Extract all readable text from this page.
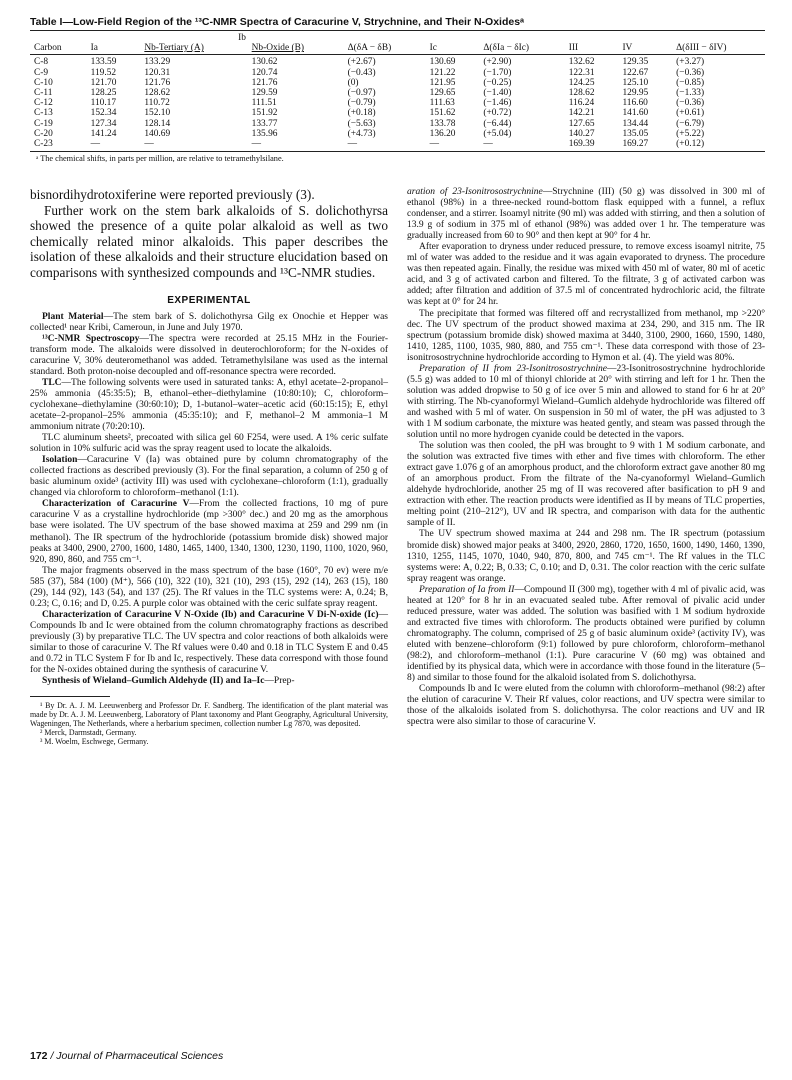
Table I—Low-Field Region of the ¹³C-NMR Spectra of Caracurine V, Strychnine, and Their N-Oxidesᵃ
		Ib							
Carbon	Ia	Nb-Tertiary (A)	Nb-Oxide (B)	Δ(δA − δB)	Ic	Δ(δIa − δIc)	III	IV	Δ(δIII − δIV)
C-8	133.59	133.29	130.62	(+2.67)	130.69	(+2.90)	132.62	129.35	(+3.27)
C-9	119.52	120.31	120.74	(−0.43)	121.22	(−1.70)	122.31	122.67	(−0.36)
C-10	121.70	121.76	121.76	(0)	121.95	(−0.25)	124.25	125.10	(−0.85)
C-11	128.25	128.62	129.59	(−0.97)	129.65	(−1.40)	128.62	129.95	(−1.33)
C-12	110.17	110.72	111.51	(−0.79)	111.63	(−1.46)	116.24	116.60	(−0.36)
C-13	152.34	152.10	151.92	(+0.18)	151.62	(+0.72)	142.21	141.60	(+0.61)
C-19	127.34	128.14	133.77	(−5.63)	133.78	(−6.44)	127.65	134.44	(−6.79)
C-20	141.24	140.69	135.96	(+4.73)	136.20	(+5.04)	140.27	135.05	(+5.22)
C-23	—	—	—	—	—	—	169.39	169.27	(+0.12)
ᵃ The chemical shifts, in parts per million, are relative to tetramethylsilane.

bisnordihydrotoxiferine were reported previously (3).

Further work on the stem bark alkaloids of S. dolichothyrsa showed the presence of a quite polar alkaloid as well as two chemically related minor alkaloids. This paper describes the isolation of these alkaloids and their structure elucidation based on comparisons with synthesized compounds and ¹³C-NMR studies.

EXPERIMENTAL

Plant Material—The stem bark of S. dolichothyrsa Gilg ex Onochie et Hepper was collected¹ near Kribi, Cameroun, in June and July 1970.

¹³C-NMR Spectroscopy—The spectra were recorded at 25.15 MHz in the Fourier-transform mode. The alkaloids were dissolved in deuterochloroform; for the N-oxides of caracurine V, 30% deuteromethanol was added. Tetramethylsilane was used as the internal standard. Both proton-noise decoupled and off-resonance spectra were recorded.

TLC—The following solvents were used in saturated tanks: A, ethyl acetate–2-propanol–25% ammonia (45:35:5); B, ethanol–ether–diethylamine (10:80:10); C, chloroform–cyclohexane–diethylamine (30:60:10); D, 1-butanol–water–acetic acid (60:15:15); E, ethyl acetate–2-propanol–25% ammonia (45:35:10); and F, methanol–2 M ammonia–1 M ammonium nitrate (70:20:10).

TLC aluminum sheets², precoated with silica gel 60 F254, were used. A 1% ceric sulfate solution in 10% sulfuric acid was the spray reagent used to locate the alkaloids.

Isolation—Caracurine V (Ia) was obtained pure by column chromatography of the collected fractions as described previously (3). For the final separation, a column of 250 g of basic aluminum oxide³ (activity III) was used with cyclohexane–chloroform (1:1), gradually changed via chloroform to chloroform–methanol (1:1).

Characterization of Caracurine V—From the collected fractions, 10 mg of pure caracurine V as a crystalline hydrochloride (mp >300° dec.) and 20 mg as the amorphous base were isolated. The UV spectrum of the base showed maxima at 259 and 299 nm (in methanol). The IR spectrum of the hydrochloride (potassium bromide disk) showed major peaks at 3400, 2900, 2700, 1600, 1480, 1465, 1400, 1340, 1300, 1230, 1190, 1100, 1020, 960, 920, 890, 860, and 755 cm⁻¹.

The major fragments observed in the mass spectrum of the base (160°, 70 ev) were m/e 585 (37), 584 (100) (M⁺), 566 (10), 322 (10), 321 (10), 293 (15), 292 (14), 263 (15), 180 (29), 144 (92), 143 (54), and 137 (25). The Rf values in the TLC systems were: A, 0.24; B, 0.23; C, 0.16; and D, 0.25. A purple color was obtained with the ceric sulfate spray reagent.

Characterization of Caracurine V N-Oxide (Ib) and Caracurine V Di-N-oxide (Ic)—Compounds Ib and Ic were obtained from the column chromatography fractions as described previously (3) by preparative TLC. The UV spectra and color reactions of both alkaloids were similar to those of caracurine V. The Rf values were 0.40 and 0.18 in TLC System E and 0.45 and 0.72 in TLC System F for Ib and Ic, respectively. These data correspond with those found for the N-oxides obtained during the synthesis of caracurine V.

Synthesis of Wieland–Gumlich Aldehyde (II) and Ia–Ic—Prep-

¹ By Dr. A. J. M. Leeuwenberg and Professor Dr. F. Sandberg. The identification of the plant material was made by Dr. A. J. M. Leeuwenberg, Laboratory of Plant taxonomy and Plant Geography, Agricultural University, Wageningen, The Netherlands, where a herbarium specimen, collection number Lg 7870, was deposited.

² Merck, Darmstadt, Germany.

³ M. Woelm, Eschwege, Germany.

aration of 23-Isonitrosostrychnine—Strychnine (III) (50 g) was dissolved in 300 ml of ethanol (98%) in a three-necked round-bottom flask equipped with a funnel, a reflux condenser, and a stirrer. Isoamyl nitrite (90 ml) was added with stirring, and then a solution of 13.9 g of sodium in 375 ml of ethanol (98%) was added over 1 hr. The temperature was gradually increased from 60 to 90° and then kept at 90° for 4 hr.

After evaporation to dryness under reduced pressure, to remove excess isoamyl nitrite, 75 ml of water was added to the residue and it was again evaporated to dryness. The procedure was then repeated again. Finally, the residue was mixed with 450 ml of water, 80 ml of acetic acid, and 3 g of activated carbon and filtered. To the filtrate, 3 g of activated carbon was added; after filtration and addition of 37.5 ml of concentrated hydrochloric acid, the filtrate was kept at 0° for 24 hr.

The precipitate that formed was filtered off and recrystallized from methanol, mp >220° dec. The UV spectrum of the product showed maxima at 234, 290, and 315 nm. The IR spectrum (potassium bromide disk) showed maxima at 3440, 3100, 2900, 1660, 1590, 1480, 1410, 1285, 1100, 1035, 980, 880, and 755 cm⁻¹. These data correspond with those of 23-isonitrosostrychnine hydrochloride according to Hymon et al. (4). The yield was 80%.

Preparation of II from 23-Isonitrosostrychnine—23-Isonitrosostrychnine hydrochloride (5.5 g) was added to 10 ml of thionyl chloride at 20° with stirring and left for 1 hr. Then the solution was added dropwise to 50 g of ice over 5 min and allowed to stand for 6 hr at 20° with stirring. The Nb-cyanoformyl Wieland–Gumlich aldehyde hydrochloride was filtered off and washed with 5 ml of water. On suspension in 50 ml of water, the pH was adjusted to 3 with 1 M sodium carbonate, the mixture was heated gently, and steam was passed through the solution until no more hydrogen cyanide could be detected in the vapors.

The solution was then cooled, the pH was brought to 9 with 1 M sodium carbonate, and the solution was extracted five times with ether and five times with chloroform. The ether extract gave 1.076 g of an amorphous product, and the chloroform extract gave another 80 mg of an amorphous product. From the filtrate of the Na-cyanoformyl Wieland–Gumlich aldehyde hydrochloride, another 25 mg of II was recovered after basification to pH 9 and extraction with ether. The reaction products were identified as II by means of TLC properties, melting point (210–212°), UV and IR spectra, and comparison with data for the authentic sample of II.

The UV spectrum showed maxima at 244 and 298 nm. The IR spectrum (potassium bromide disk) showed major peaks at 3400, 2920, 2860, 1720, 1650, 1600, 1490, 1460, 1390, 1310, 1255, 1145, 1070, 1040, 940, 870, 800, and 745 cm⁻¹. The Rf values in the TLC systems were: A, 0.22; B, 0.33; C, 0.10; and D, 0.31. The color reaction with the ceric sulfate spray reagent was orange.

Preparation of Ia from II—Compound II (300 mg), together with 4 ml of pivalic acid, was heated at 120° for 8 hr in an evacuated sealed tube. After removal of pivalic acid under reduced pressure, water was added. The solution was basified with 1 M sodium hydroxide and extracted five times with chloroform. The products obtained were purified by column chromatography. The column, comprised of 25 g of basic aluminum oxide³ (activity IV), was eluted with benzene–chloroform (9:1) followed by pure chloroform, chloroform–methanol (98:2), and chloroform–methanol (1:1). Pure caracurine V (60 mg) was obtained and identified by its physical data, which were in accordance with those found in the literature (5–8) and similar to those found for the alkaloid isolated from S. dolichothyrsa.

Compounds Ib and Ic were eluted from the column with chloroform–methanol (98:2) after the elution of caracurine V. Their Rf values, color reactions, and UV spectra were similar to those of the alkaloids isolated from S. dolichothyrsa. The color reactions and UV and IR spectra were also similar to those of caracurine V.

172 / Journal of Pharmaceutical Sciences
